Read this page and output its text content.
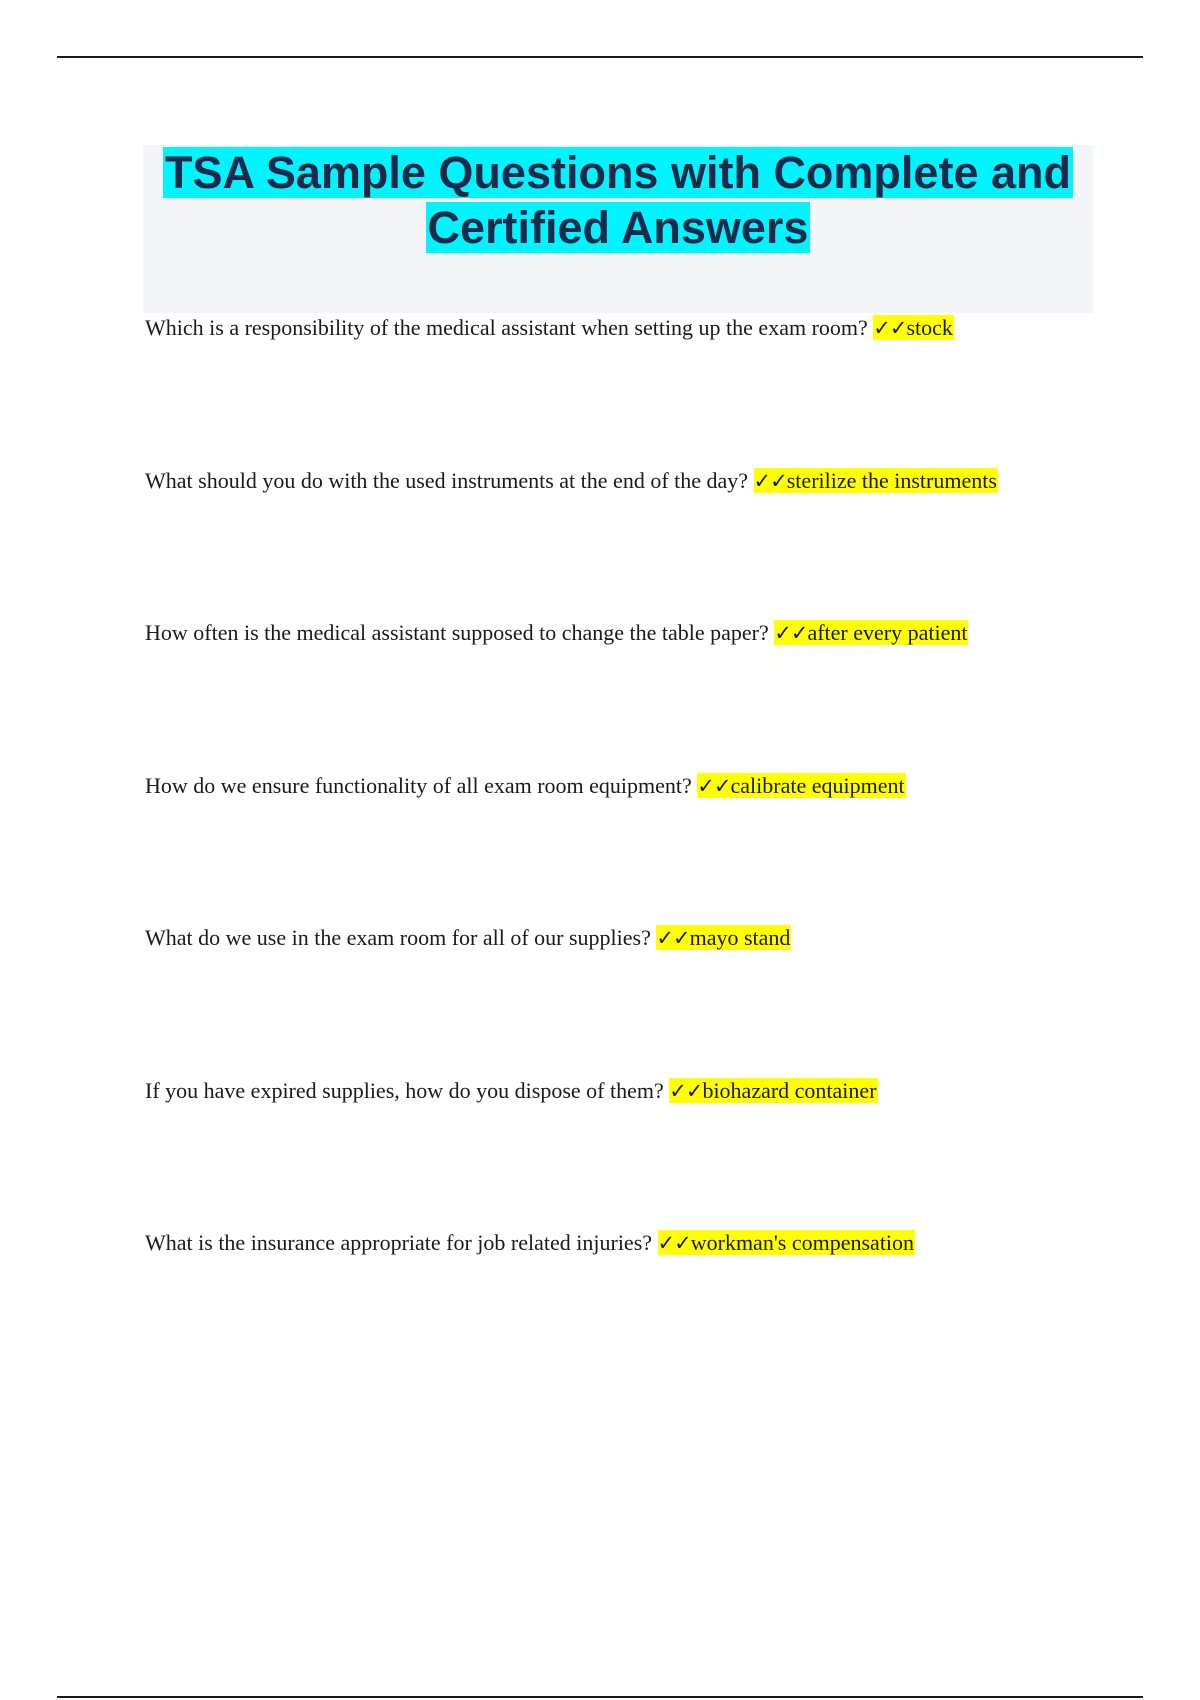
TSA Sample Questions with Complete and Certified Answers
Which is a responsibility of the medical assistant when setting up the exam room? ✓✓stock
What should you do with the used instruments at the end of the day? ✓✓sterilize the instruments
How often is the medical assistant supposed to change the table paper? ✓✓after every patient
How do we ensure functionality of all exam room equipment? ✓✓calibrate equipment
What do we use in the exam room for all of our supplies? ✓✓mayo stand
If you have expired supplies, how do you dispose of them? ✓✓biohazard container
What is the insurance appropriate for job related injuries? ✓✓workman's compensation
